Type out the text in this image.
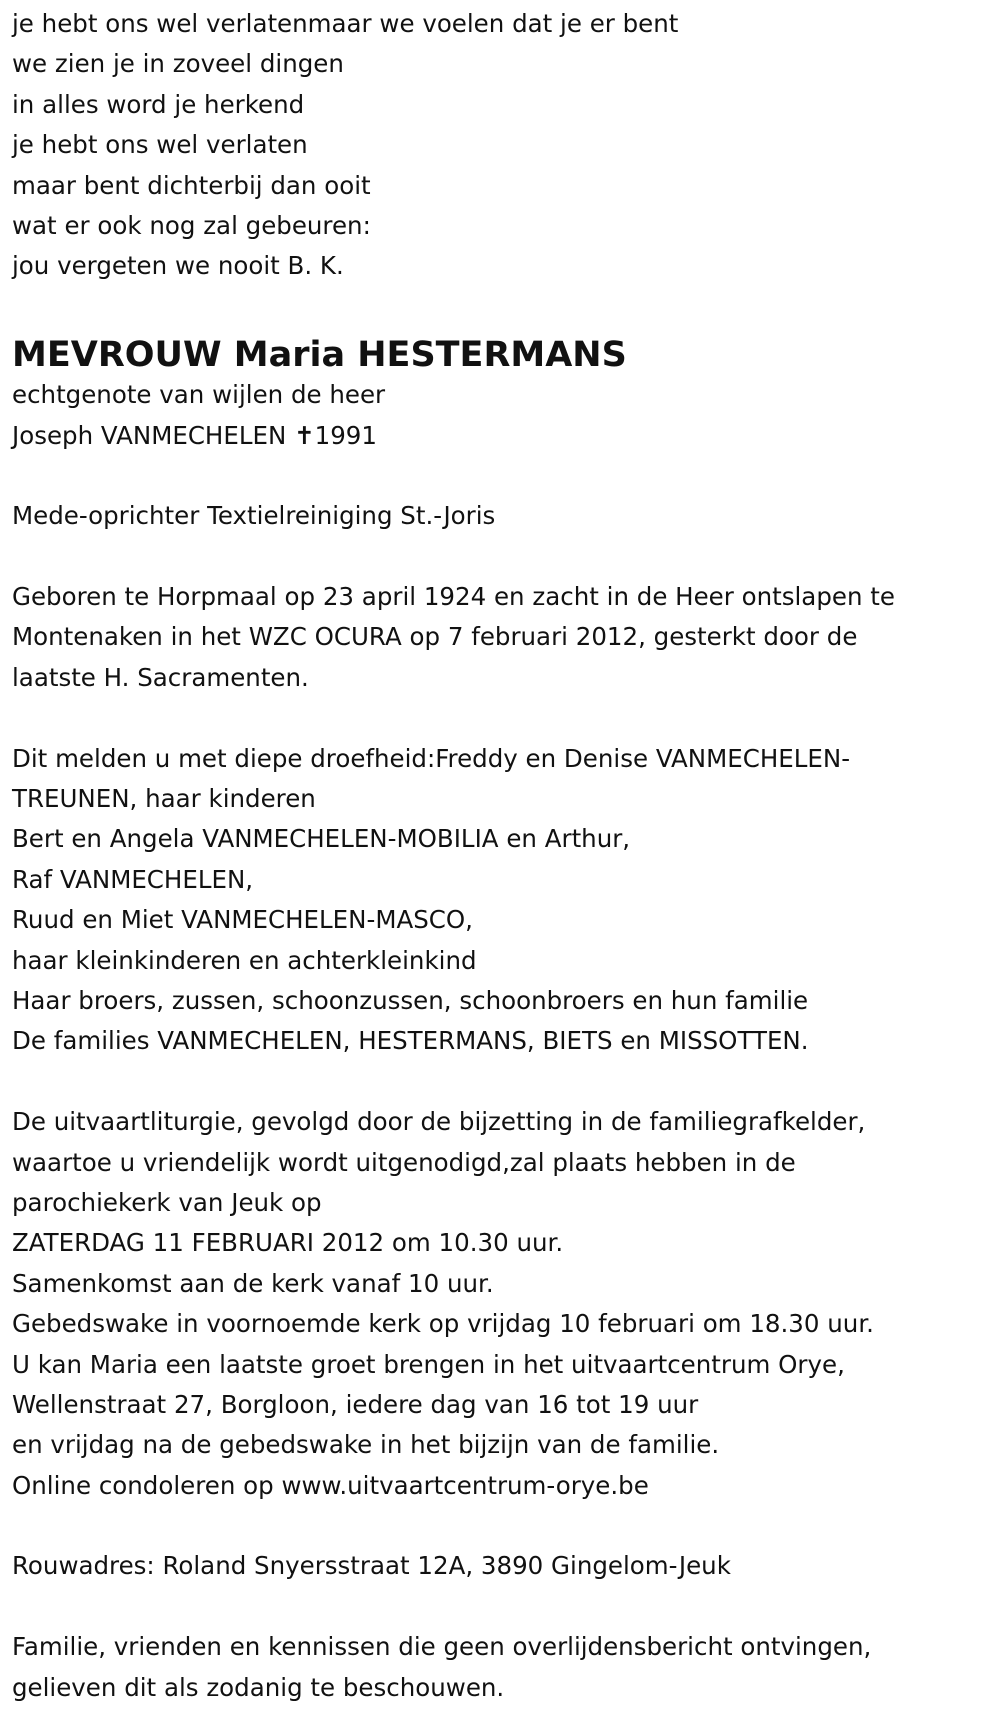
je hebt ons wel verlatenmaar we voelen dat je er bent
we zien je in zoveel dingen
in alles word je herkend
je hebt ons wel verlaten
maar bent dichterbij dan ooit
wat er ook nog zal gebeuren:
jou vergeten we nooit B. K.
MEVROUW Maria HESTERMANS
echtgenote van wijlen de heer
Joseph VANMECHELEN ✝1991
Mede-oprichter Textielreiniging St.-Joris
Geboren te Horpmaal op 23 april 1924 en zacht in de Heer ontslapen te
Montenaken in het WZC OCURA op 7 februari 2012, gesterkt door de
laatste H. Sacramenten.
Dit melden u met diepe droefheid:Freddy en Denise VANMECHELEN-
TREUNEN, haar kinderen
Bert en Angela VANMECHELEN-MOBILIA en Arthur,
Raf VANMECHELEN,
Ruud en Miet VANMECHELEN-MASCO,
haar kleinkinderen en achterkleinkind
Haar broers, zussen, schoonzussen, schoonbroers en hun familie
De families VANMECHELEN, HESTERMANS, BIETS en MISSOTTEN.
De uitvaartliturgie, gevolgd door de bijzetting in de familiegrafkelder,
waartoe u vriendelijk wordt uitgenodigd,zal plaats hebben in de
parochiekerk van Jeuk op
ZATERDAG 11 FEBRUARI 2012 om 10.30 uur.
Samenkomst aan de kerk vanaf 10 uur.
Gebedswake in voornoemde kerk op vrijdag 10 februari om 18.30 uur.
U kan Maria een laatste groet brengen in het uitvaartcentrum Orye,
Wellenstraat 27, Borgloon, iedere dag van 16 tot 19 uur
en vrijdag na de gebedswake in het bijzijn van de familie.
Online condoleren op www.uitvaartcentrum-orye.be
Rouwadres: Roland Snyersstraat 12A, 3890 Gingelom-Jeuk
Familie, vrienden en kennissen die geen overlijdensbericht ontvingen,
gelieven dit als zodanig te beschouwen.
